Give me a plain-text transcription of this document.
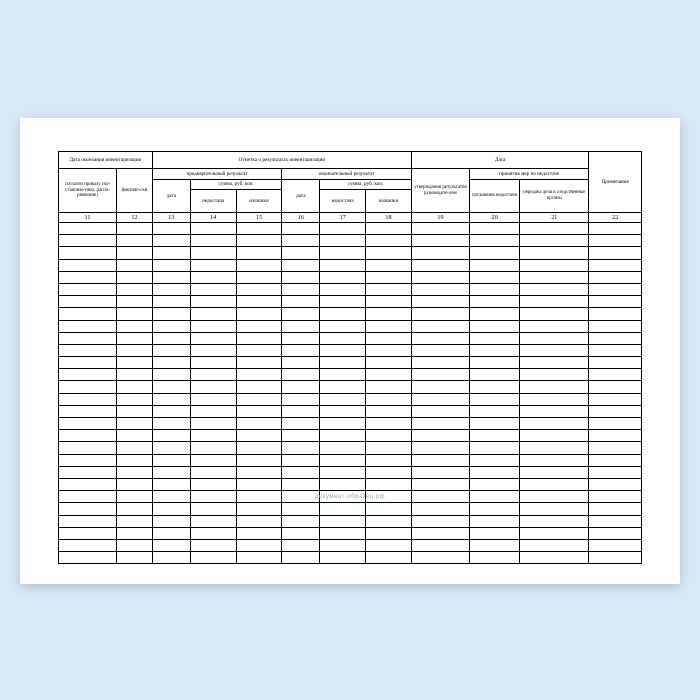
Дата окончания инвентаризации		Отметка о результатах инвентаризации						Дата			Примечание
согласно приказу (по-становле-нию, распо-ряжению)	фактиче-ски	предварительный результат			окончательный результат			утверждения результатов руководите-лем	принятия мер по недостаче		
		дата	сумма, руб. коп.		дата	сумма, руб. коп.			погашения недостачи	передача дела в следственные органы	
			недостача	излишки		недостача	излишки				
11	12	13	14	15	16	17	18	19	20	21	22

документ-образец.рф
